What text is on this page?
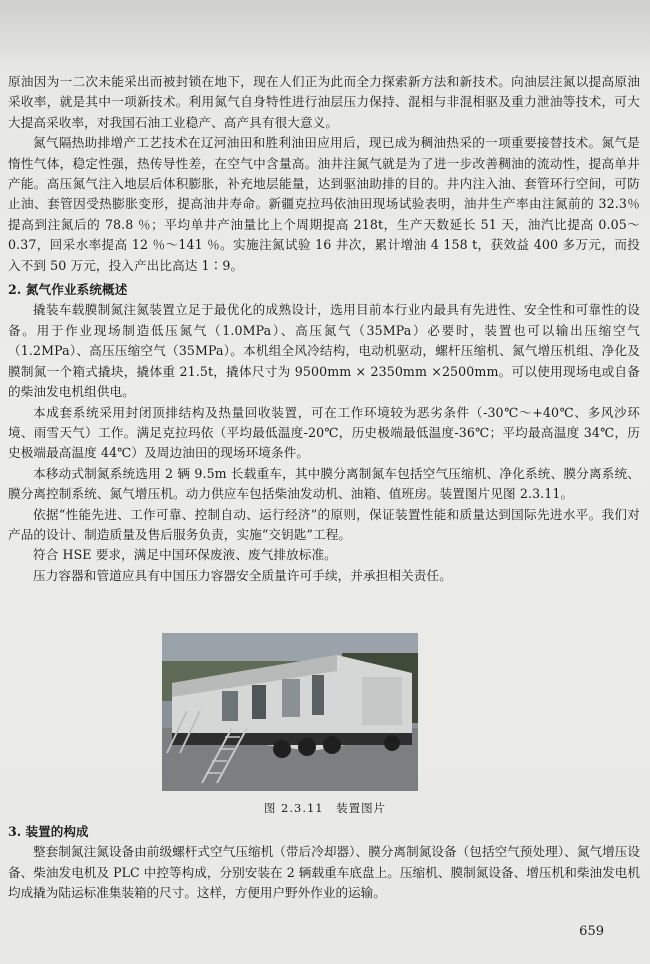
原油因为一二次未能采出而被封锁在地下，现在人们正为此而全力探索新方法和新技术。向油层注氮以提高原油采收率，就是其中一项新技术。利用氮气自身特性进行油层压力保持、混相与非混相驱及重力泄油等技术，可大大提高采收率，对我国石油工业稳产、高产具有很大意义。

氮气隔热助排增产工艺技术在辽河油田和胜利油田应用后，现已成为稠油热采的一项重要接替技术。氮气是惰性气体，稳定性强，热传导性差，在空气中含量高。油井注氮气就是为了进一步改善稠油的流动性，提高单井产能。高压氮气注入地层后体积膨胀，补充地层能量，达到驱油助排的目的。井内注入油、套管环行空间，可防止油、套管因受热膨胀变形，提高油井寿命。新疆克拉玛依油田现场试验表明，油井生产率由注氮前的 32.3％ 提高到注氮后的 78.8 ％；平均单井产油量比上个周期提高 218t，生产天数延长 51 天，油汽比提高 0.05～0.37，回采水率提高 12 ％～141 ％。实施注氮试验 16 井次，累计增油 4 158 t，获效益 400 多万元，而投入不到 50 万元，投入产出比高达 1∶9。

2. 氮气作业系统概述

撬装车载膜制氮注氮装置立足于最优化的成熟设计，选用目前本行业内最具有先进性、安全性和可靠性的设备。用于作业现场制造低压氮气（1.0MPa）、高压氮气（35MPa）必要时，装置也可以输出压缩空气（1.2MPa）、高压压缩空气（35MPa）。本机组全风冷结构，电动机驱动，螺杆压缩机、氮气增压机组、净化及膜制氮一个箱式撬块，撬体重 21.5t，撬体尺寸为 9500mm × 2350mm ×2500mm。可以使用现场电或自备的柴油发电机组供电。

本成套系统采用封闭顶排结构及热量回收装置，可在工作环境较为恶劣条件（-30℃～+40℃、多风沙环境、雨雪天气）工作。满足克拉玛依（平均最低温度-20℃，历史极端最低温度-36℃；平均最高温度 34℃，历史极端最高温度 44℃）及周边油田的现场环境条件。

本移动式制氮系统选用 2 辆 9.5m 长载重车，其中膜分离制氮车包括空气压缩机、净化系统、膜分离系统、膜分离控制系统、氮气增压机。动力供应车包括柴油发动机、油箱、值班房。装置图片见图 2.3.11。

依据“性能先进、工作可靠、控制自动、运行经济”的原则，保证装置性能和质量达到国际先进水平。我们对产品的设计、制造质量及售后服务负责，实施“交钥匙”工程。

符合 HSE 要求，满足中国环保废液、废气排放标准。

压力容器和管道应具有中国压力容器安全质量许可手续，并承担相关责任。

图 2.3.11　装置图片

3. 装置的构成

整套制氮注氮设备由前级螺杆式空气压缩机（带后冷却器）、膜分离制氮设备（包括空气预处理）、氮气增压设备、柴油发电机及 PLC 中控等构成，分别安装在 2 辆载重车底盘上。压缩机、膜制氮设备、增压机和柴油发电机均成撬为陆运标准集装箱的尺寸。这样，方便用户野外作业的运输。

659
